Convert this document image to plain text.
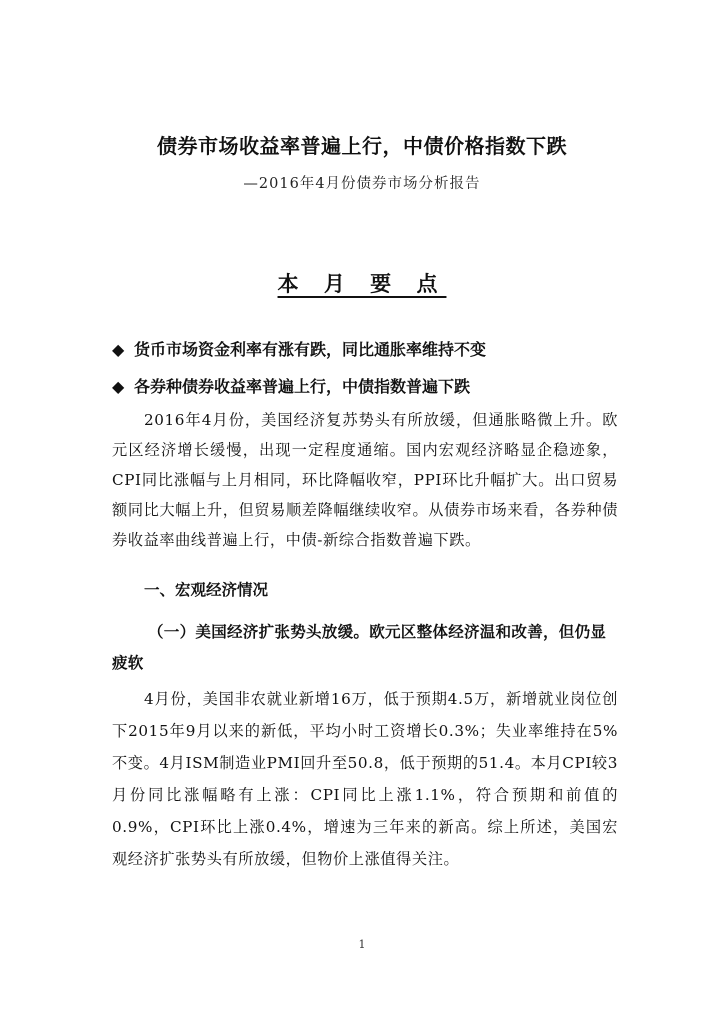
债券市场收益率普遍上行，中债价格指数下跌
—2016年4月份债券市场分析报告
本 月 要 点
◆ 货币市场资金利率有涨有跌，同比通胀率维持不变
◆ 各券种债券收益率普遍上行，中债指数普遍下跌

2016年4月份，美国经济复苏势头有所放缓，但通胀略微上升。欧元区经济增长缓慢，出现一定程度通缩。国内宏观经济略显企稳迹象，CPI同比涨幅与上月相同，环比降幅收窄，PPI环比升幅扩大。出口贸易额同比大幅上升，但贸易顺差降幅继续收窄。从债券市场来看，各券种债券收益率曲线普遍上行，中债-新综合指数普遍下跌。

一、宏观经济情况

（一）美国经济扩张势头放缓。欧元区整体经济温和改善，但仍显疲软

4月份，美国非农就业新增16万，低于预期4.5万，新增就业岗位创下2015年9月以来的新低，平均小时工资增长0.3%；失业率维持在5%不变。4月ISM制造业PMI回升至50.8，低于预期的51.4。本月CPI较3月份同比涨幅略有上涨：CPI同比上涨1.1%，符合预期和前值的0.9%，CPI环比上涨0.4%，增速为三年来的新高。综上所述，美国宏观经济扩张势头有所放缓，但物价上涨值得关注。

1
